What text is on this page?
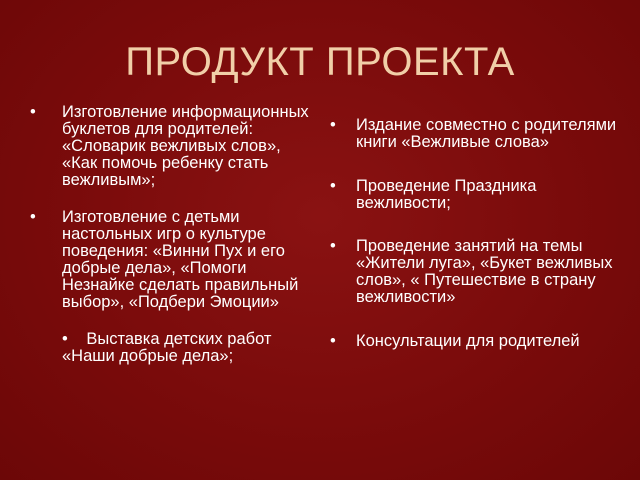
ПРОДУКТ ПРОЕКТА
• Изготовление информационных буклетов для родителей: «Словарик вежливых слов», «Как помочь ребенку стать вежливым»;
• Изготовление с детьми настольных игр о культуре поведения: «Винни Пух и его добрые дела», «Помоги Незнайке сделать правильный выбор», «Подбери Эмоции»
• Выставка детских работ «Наши добрые дела»;
• Издание совместно с родителями книги «Вежливые слова»
• Проведение Праздника вежливости;
• Проведение занятий на темы «Жители луга», «Букет вежливых слов», « Путешествие в страну вежливости»
• Консультации для родителей
